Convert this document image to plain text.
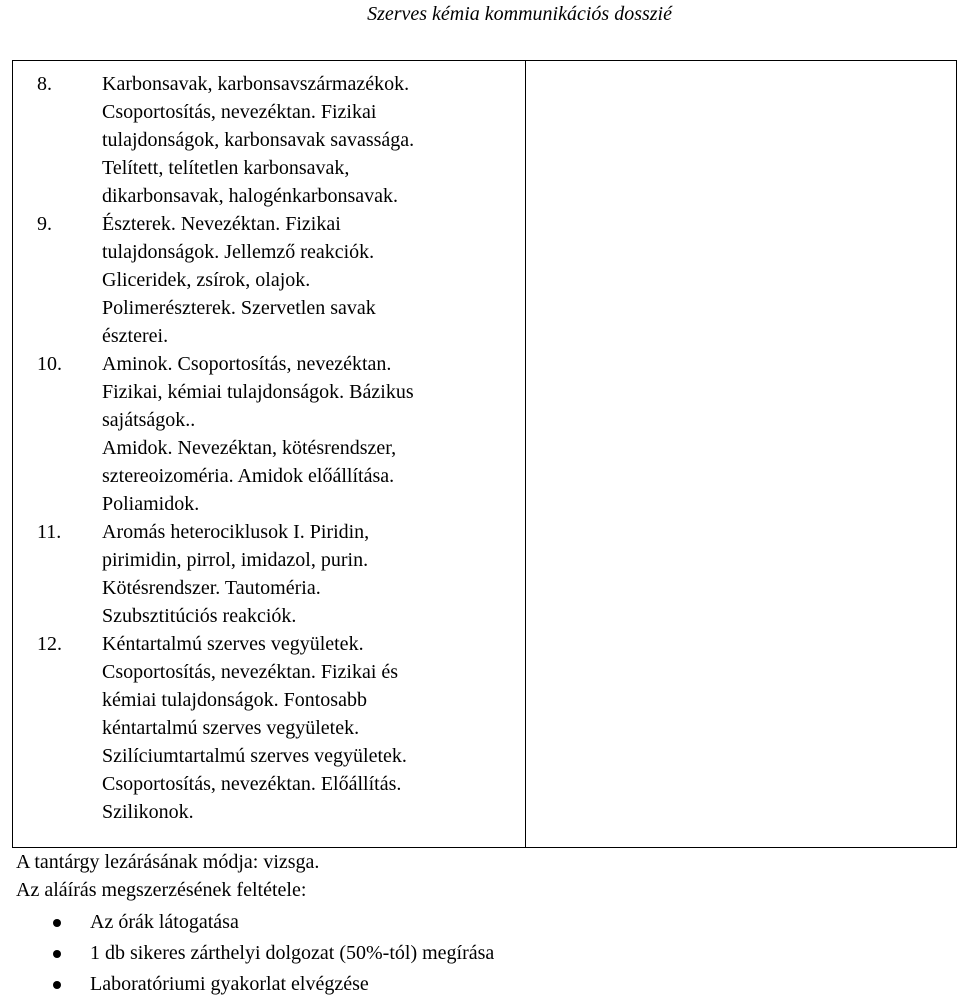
Szerves kémia kommunikációs dosszié
8.	Karbonsavak, karbonsavszármazékok.
Csoportosítás, nevezéktan. Fizikai
tulajdonságok, karbonsavak savassága.
Telített, telítetlen karbonsavak,
dikarbonsavak, halogénkarbonsavak.
9.	Észterek. Nevezéktan. Fizikai
tulajdonságok. Jellemző reakciók.
Gliceridek, zsírok, olajok.
Polimerészterek. Szervetlen savak
észterei.
10.	Aminok. Csoportosítás, nevezéktan.
Fizikai, kémiai tulajdonságok. Bázikus
sajátságok..
Amidok. Nevezéktan, kötésrendszer,
sztereoizoméria. Amidok előállítása.
Poliamidok.
11.	Aromás heterociklusok I. Piridin,
pirimidin, pirrol, imidazol, purin.
Kötésrendszer. Tautoméria.
Szubsztitúciós reakciók.
12.	Kéntartalmú szerves vegyületek.
Csoportosítás, nevezéktan. Fizikai és
kémiai tulajdonságok. Fontosabb
kéntartalmú szerves vegyületek.
Szilíciumtartalmú szerves vegyületek.
Csoportosítás, nevezéktan. Előállítás.
Szilikonok.

A tantárgy lezárásának módja: vizsga.

Az aláírás megszerzésének feltétele:

Az órák látogatása
1 db sikeres zárthelyi dolgozat (50%-tól) megírása
Laboratóriumi gyakorlat elvégzése
